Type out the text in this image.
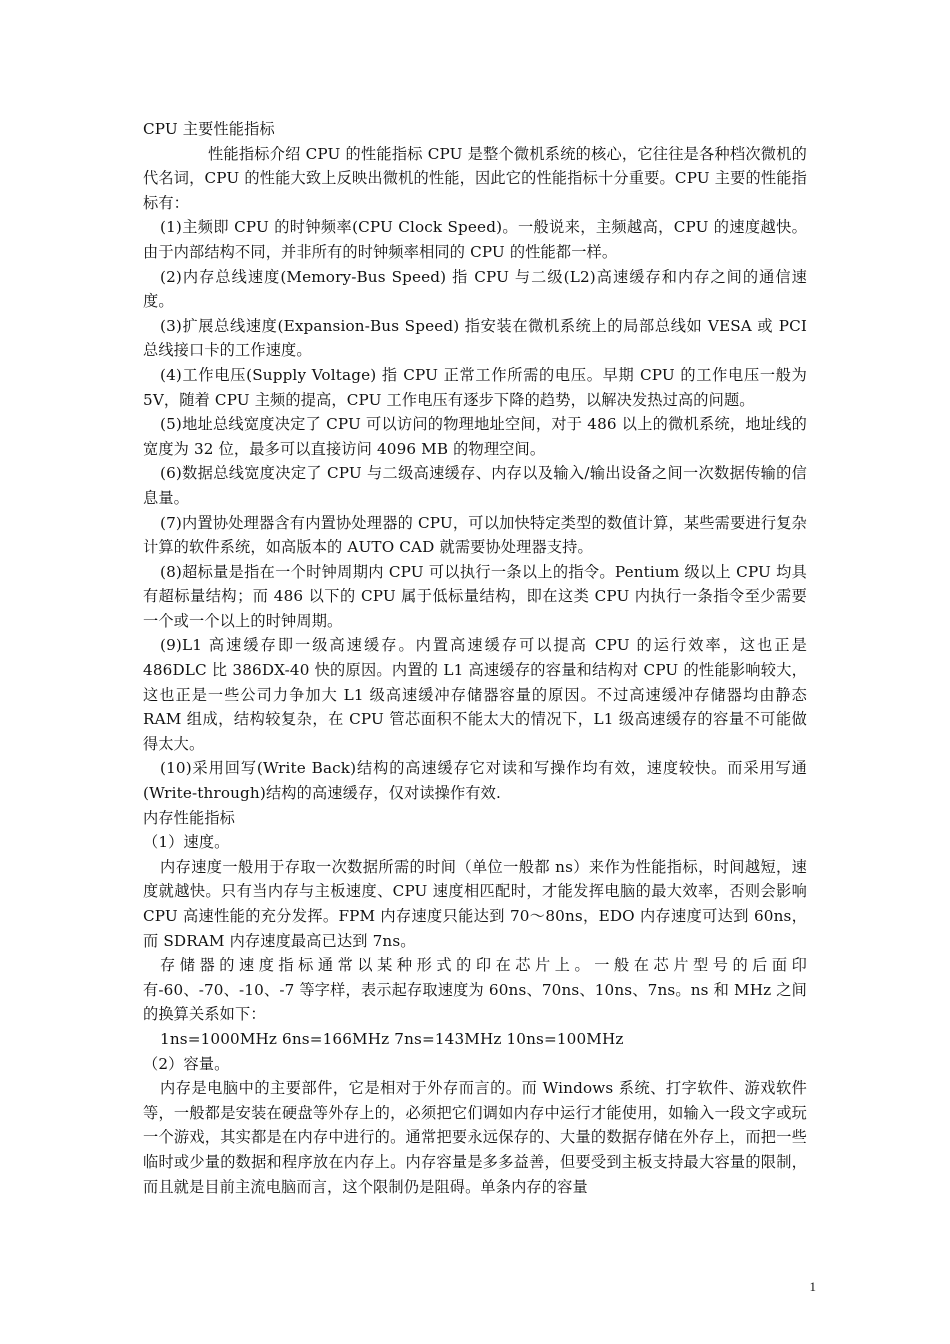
CPU 主要性能指标

性能指标介绍 CPU 的性能指标 CPU 是整个微机系统的核心，它往往是各种档次微机的代名词，CPU 的性能大致上反映出微机的性能，因此它的性能指标十分重要。CPU 主要的性能指标有：

(1)主频即 CPU 的时钟频率(CPU Clock Speed)。一般说来，主频越高，CPU 的速度越快。由于内部结构不同，并非所有的时钟频率相同的 CPU 的性能都一样。

(2)内存总线速度(Memory-Bus Speed) 指 CPU 与二级(L2)高速缓存和内存之间的通信速度。

(3)扩展总线速度(Expansion-Bus Speed) 指安装在微机系统上的局部总线如 VESA 或 PCI 总线接口卡的工作速度。

(4)工作电压(Supply Voltage) 指 CPU 正常工作所需的电压。早期 CPU 的工作电压一般为 5V，随着 CPU 主频的提高，CPU 工作电压有逐步下降的趋势，以解决发热过高的问题。

(5)地址总线宽度决定了 CPU 可以访问的物理地址空间，对于 486 以上的微机系统，地址线的宽度为 32 位，最多可以直接访问 4096 MB 的物理空间。

(6)数据总线宽度决定了 CPU 与二级高速缓存、内存以及输入/输出设备之间一次数据传输的信息量。

(7)内置协处理器含有内置协处理器的 CPU，可以加快特定类型的数值计算，某些需要进行复杂计算的软件系统，如高版本的 AUTO CAD 就需要协处理器支持。

(8)超标量是指在一个时钟周期内 CPU 可以执行一条以上的指令。Pentium 级以上 CPU 均具有超标量结构；而 486 以下的 CPU 属于低标量结构，即在这类 CPU 内执行一条指令至少需要一个或一个以上的时钟周期。

(9)L1 高速缓存即一级高速缓存。内置高速缓存可以提高 CPU 的运行效率，这也正是 486DLC 比 386DX-40 快的原因。内置的 L1 高速缓存的容量和结构对 CPU 的性能影响较大，这也正是一些公司力争加大 L1 级高速缓冲存储器容量的原因。不过高速缓冲存储器均由静态 RAM 组成，结构较复杂，在 CPU 管芯面积不能太大的情况下，L1 级高速缓存的容量不可能做得太大。

(10)采用回写(Write Back)结构的高速缓存它对读和写操作均有效，速度较快。而采用写通(Write-through)结构的高速缓存，仅对读操作有效.

内存性能指标

（1）速度。

内存速度一般用于存取一次数据所需的时间（单位一般都 ns）来作为性能指标，时间越短，速度就越快。只有当内存与主板速度、CPU 速度相匹配时，才能发挥电脑的最大效率，否则会影响 CPU 高速性能的充分发挥。FPM 内存速度只能达到 70～80ns，EDO 内存速度可达到 60ns，而 SDRAM 内存速度最高已达到 7ns。

存储器的速度指标通常以某种形式的印在芯片上。一般在芯片型号的后面印有-60、-70、-10、-7 等字样，表示起存取速度为 60ns、70ns、10ns、7ns。ns 和 MHz 之间的换算关系如下：

1ns=1000MHz 6ns=166MHz 7ns=143MHz 10ns=100MHz

（2）容量。

内存是电脑中的主要部件，它是相对于外存而言的。而 Windows 系统、打字软件、游戏软件等，一般都是安装在硬盘等外存上的，必须把它们调如内存中运行才能使用，如输入一段文字或玩一个游戏，其实都是在内存中进行的。通常把要永远保存的、大量的数据存储在外存上，而把一些临时或少量的数据和程序放在内存上。内存容量是多多益善，但要受到主板支持最大容量的限制，而且就是目前主流电脑而言，这个限制仍是阻碍。单条内存的容量

1
